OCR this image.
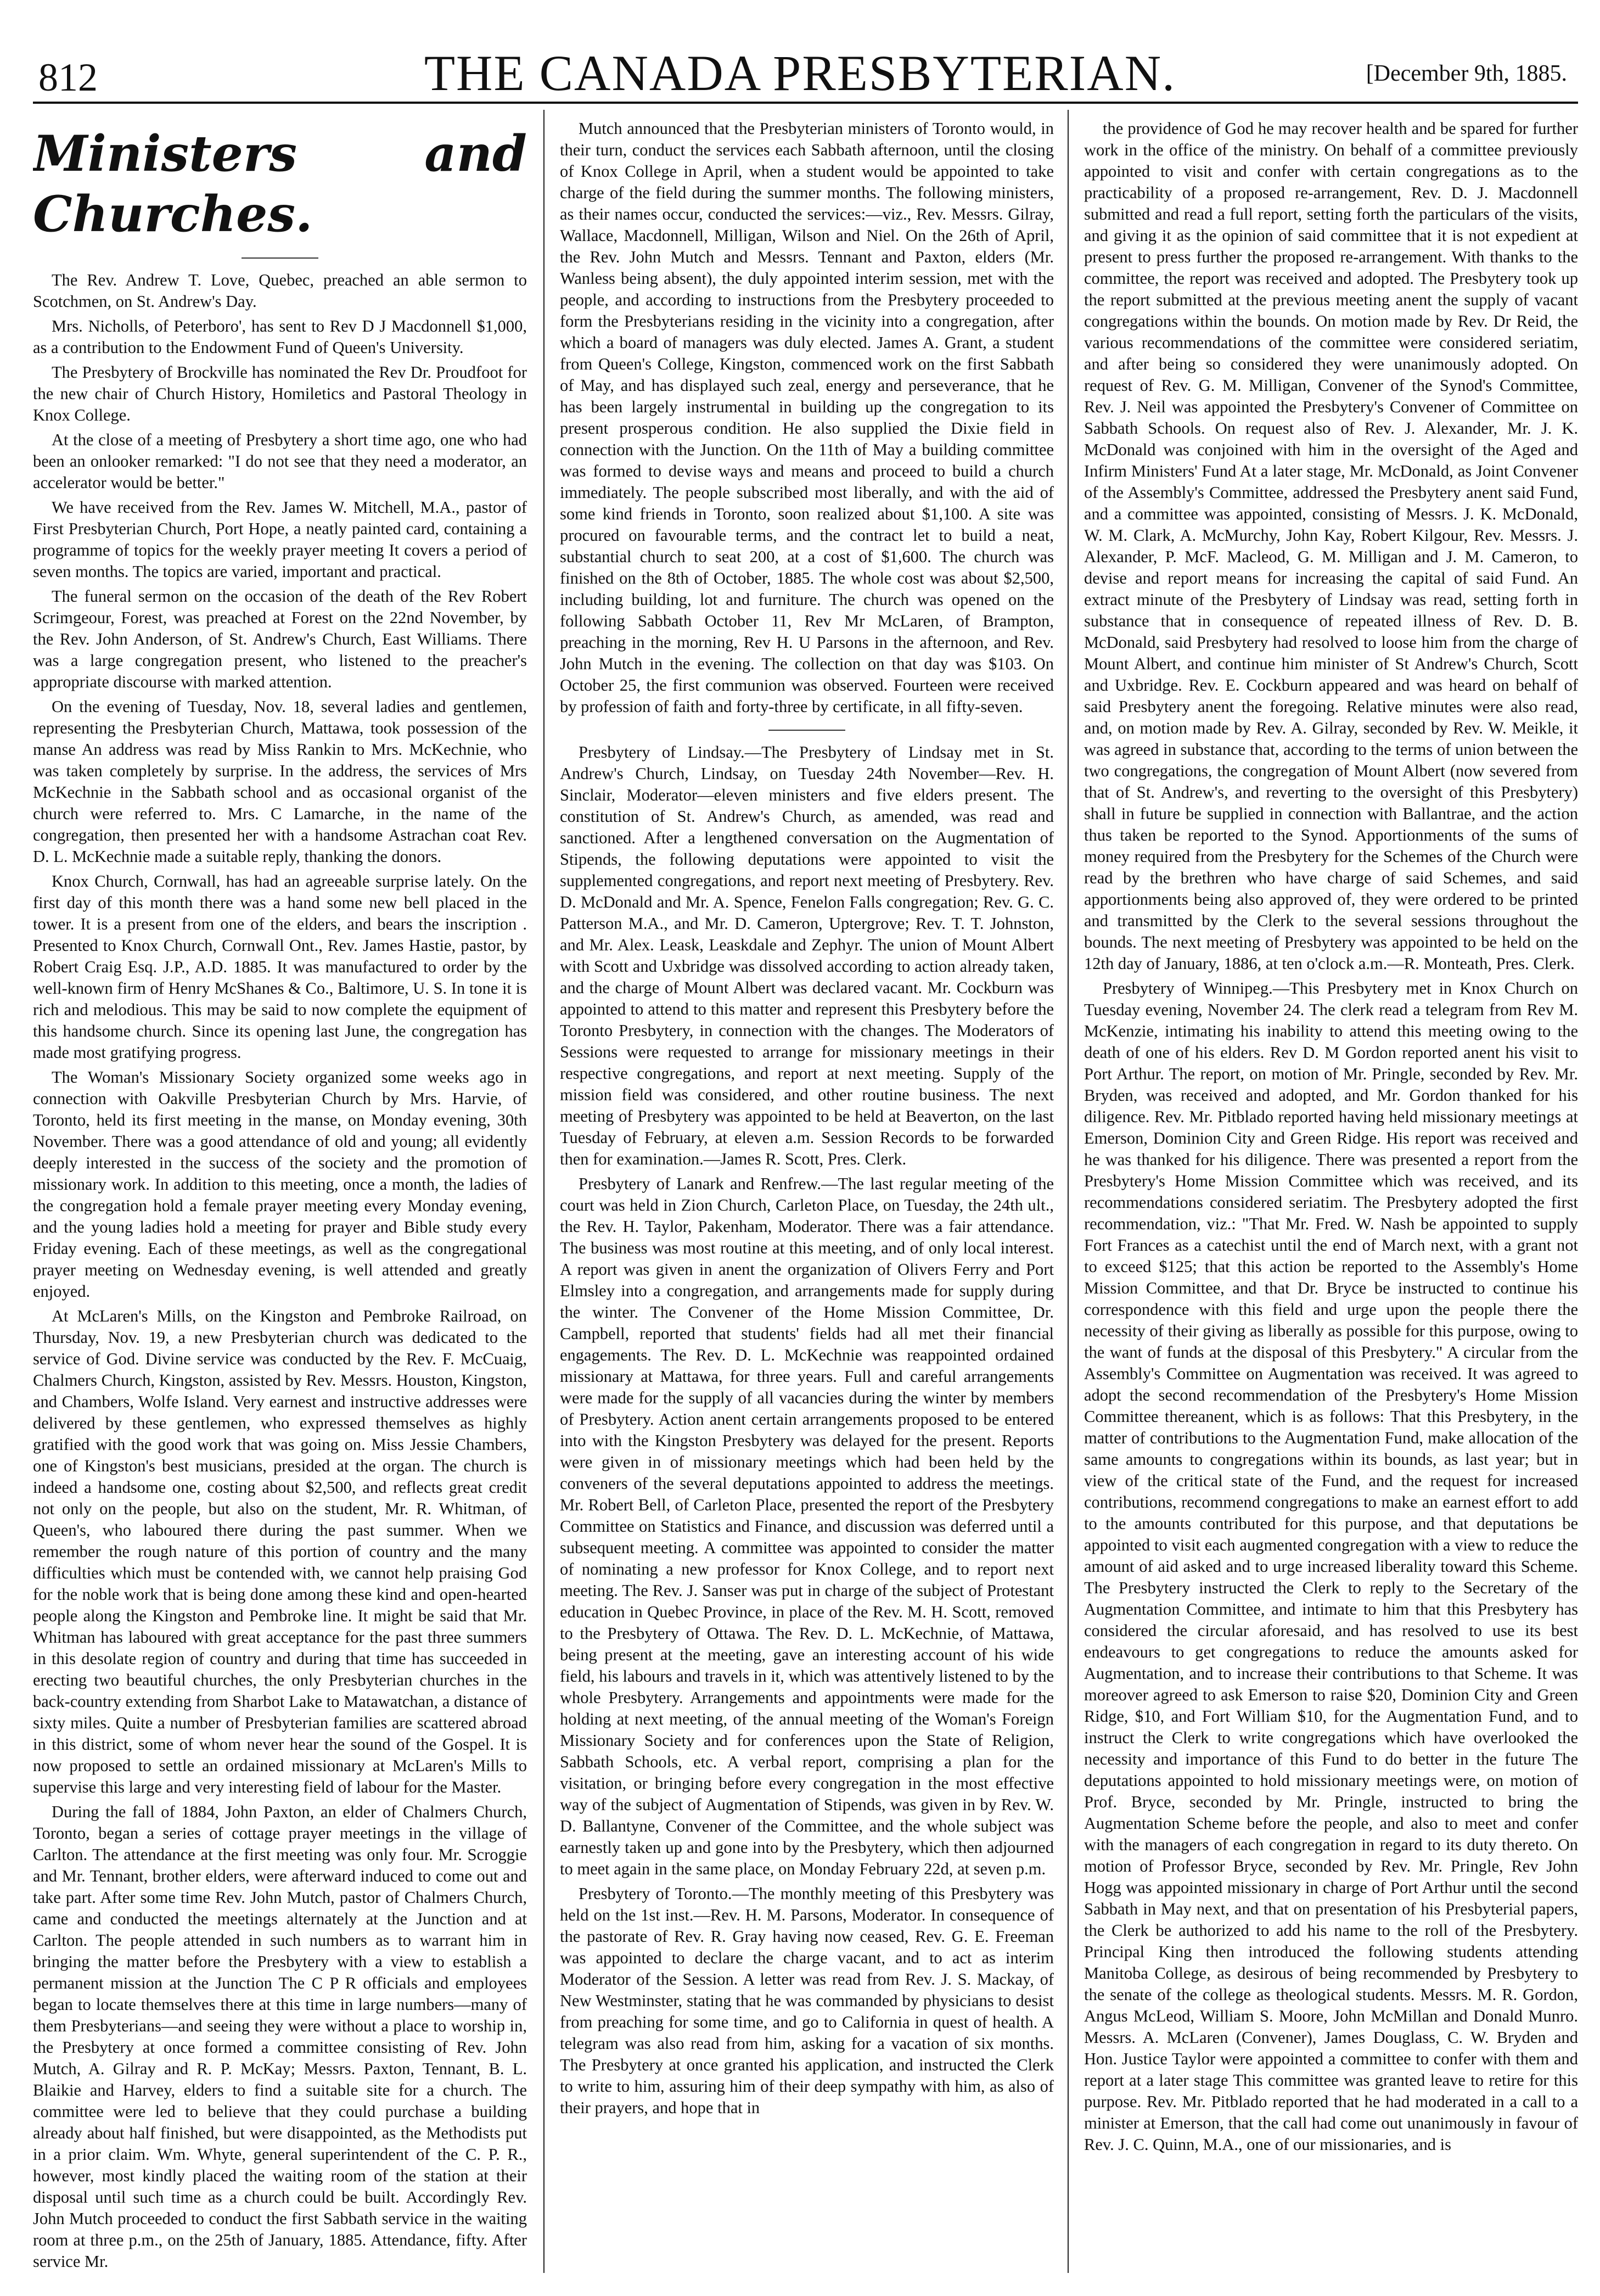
812	THE CANADA PRESBYTERIAN.	[December 9th, 1885.
Ministers and Churches.

The Rev. Andrew T. Love, Quebec, preached an able sermon to Scotchmen, on St. Andrew's Day.

Mrs. Nicholls, of Peterboro', has sent to Rev D J Macdonnell $1,000, as a contribution to the Endowment Fund of Queen's University.

The Presbytery of Brockville has nominated the Rev Dr. Proudfoot for the new chair of Church History, Homiletics and Pastoral Theology in Knox College.

At the close of a meeting of Presbytery a short time ago, one who had been an onlooker remarked: "I do not see that they need a moderator, an accelerator would be better."

We have received from the Rev. James W. Mitchell, M.A., pastor of First Presbyterian Church, Port Hope, a neatly painted card, containing a programme of topics for the weekly prayer meeting It covers a period of seven months. The topics are varied, important and practical.

The funeral sermon on the occasion of the death of the Rev Robert Scrimgeour, Forest, was preached at Forest on the 22nd November, by the Rev. John Anderson, of St. Andrew's Church, East Williams. There was a large congregation present, who listened to the preacher's appropriate discourse with marked attention.

On the evening of Tuesday, Nov. 18, several ladies and gentlemen, representing the Presbyterian Church, Mattawa, took possession of the manse An address was read by Miss Rankin to Mrs. McKechnie, who was taken completely by surprise. In the address, the services of Mrs McKechnie in the Sabbath school and as occasional organist of the church were referred to. Mrs. C Lamarche, in the name of the congregation, then presented her with a handsome Astrachan coat Rev. D. L. McKechnie made a suitable reply, thanking the donors.

Knox Church, Cornwall, has had an agreeable surprise lately. On the first day of this month there was a hand some new bell placed in the tower. It is a present from one of the elders, and bears the inscription . Presented to Knox Church, Cornwall Ont., Rev. James Hastie, pastor, by Robert Craig Esq. J.P., A.D. 1885. It was manufactured to order by the well-known firm of Henry McShanes & Co., Baltimore, U. S. In tone it is rich and melodious. This may be said to now complete the equipment of this handsome church. Since its opening last June, the congregation has made most gratifying progress.

The Woman's Missionary Society organized some weeks ago in connection with Oakville Presbyterian Church by Mrs. Harvie, of Toronto, held its first meeting in the manse, on Monday evening, 30th November. There was a good attendance of old and young; all evidently deeply interested in the success of the society and the promotion of missionary work. In addition to this meeting, once a month, the ladies of the congregation hold a female prayer meeting every Monday evening, and the young ladies hold a meeting for prayer and Bible study every Friday evening. Each of these meetings, as well as the congregational prayer meeting on Wednesday evening, is well attended and greatly enjoyed.

At McLaren's Mills, on the Kingston and Pembroke Railroad, on Thursday, Nov. 19, a new Presbyterian church was dedicated to the service of God. Divine service was conducted by the Rev. F. McCuaig, Chalmers Church, Kingston, assisted by Rev. Messrs. Houston, Kingston, and Chambers, Wolfe Island. Very earnest and instructive addresses were delivered by these gentlemen, who expressed themselves as highly gratified with the good work that was going on. Miss Jessie Chambers, one of Kingston's best musicians, presided at the organ. The church is indeed a handsome one, costing about $2,500, and reflects great credit not only on the people, but also on the student, Mr. R. Whitman, of Queen's, who laboured there during the past summer. When we remember the rough nature of this portion of country and the many difficulties which must be contended with, we cannot help praising God for the noble work that is being done among these kind and open-hearted people along the Kingston and Pembroke line. It might be said that Mr. Whitman has laboured with great acceptance for the past three summers in this desolate region of country and during that time has succeeded in erecting two beautiful churches, the only Presbyterian churches in the back-country extending from Sharbot Lake to Matawatchan, a distance of sixty miles. Quite a number of Presbyterian families are scattered abroad in this district, some of whom never hear the sound of the Gospel. It is now proposed to settle an ordained missionary at McLaren's Mills to supervise this large and very interesting field of labour for the Master.

During the fall of 1884, John Paxton, an elder of Chalmers Church, Toronto, began a series of cottage prayer meetings in the village of Carlton. The attendance at the first meeting was only four. Mr. Scroggie and Mr. Tennant, brother elders, were afterward induced to come out and take part. After some time Rev. John Mutch, pastor of Chalmers Church, came and conducted the meetings alternately at the Junction and at Carlton. The people attended in such numbers as to warrant him in bringing the matter before the Presbytery with a view to establish a permanent mission at the Junction The C P R officials and employees began to locate themselves there at this time in large numbers—many of them Presbyterians—and seeing they were without a place to worship in, the Presbytery at once formed a committee consisting of Rev. John Mutch, A. Gilray and R. P. McKay; Messrs. Paxton, Tennant, B. L. Blaikie and Harvey, elders to find a suitable site for a church. The committee were led to believe that they could purchase a building already about half finished, but were disappointed, as the Methodists put in a prior claim. Wm. Whyte, general superintendent of the C. P. R., however, most kindly placed the waiting room of the station at their disposal until such time as a church could be built. Accordingly Rev. John Mutch proceeded to conduct the first Sabbath service in the waiting room at three p.m., on the 25th of January, 1885. Attendance, fifty. After service Mr.

Mutch announced that the Presbyterian ministers of Toronto would, in their turn, conduct the services each Sabbath afternoon, until the closing of Knox College in April, when a student would be appointed to take charge of the field during the summer months. The following ministers, as their names occur, conducted the services:—viz., Rev. Messrs. Gilray, Wallace, Macdonnell, Milligan, Wilson and Niel. On the 26th of April, the Rev. John Mutch and Messrs. Tennant and Paxton, elders (Mr. Wanless being absent), the duly appointed interim session, met with the people, and according to instructions from the Presbytery proceeded to form the Presbyterians residing in the vicinity into a congregation, after which a board of managers was duly elected. James A. Grant, a student from Queen's College, Kingston, commenced work on the first Sabbath of May, and has displayed such zeal, energy and perseverance, that he has been largely instrumental in building up the congregation to its present prosperous condition. He also supplied the Dixie field in connection with the Junction. On the 11th of May a building committee was formed to devise ways and means and proceed to build a church immediately. The people subscribed most liberally, and with the aid of some kind friends in Toronto, soon realized about $1,100. A site was procured on favourable terms, and the contract let to build a neat, substantial church to seat 200, at a cost of $1,600. The church was finished on the 8th of October, 1885. The whole cost was about $2,500, including building, lot and furniture. The church was opened on the following Sabbath October 11, Rev Mr McLaren, of Brampton, preaching in the morning, Rev H. U Parsons in the afternoon, and Rev. John Mutch in the evening. The collection on that day was $103. On October 25, the first communion was observed. Fourteen were received by profession of faith and forty-three by certificate, in all fifty-seven.

Presbytery of Lindsay.—The Presbytery of Lindsay met in St. Andrew's Church, Lindsay, on Tuesday 24th November—Rev. H. Sinclair, Moderator—eleven ministers and five elders present. The constitution of St. Andrew's Church, as amended, was read and sanctioned. After a lengthened conversation on the Augmentation of Stipends, the following deputations were appointed to visit the supplemented congregations, and report next meeting of Presbytery. Rev. D. McDonald and Mr. A. Spence, Fenelon Falls congregation; Rev. G. C. Patterson M.A., and Mr. D. Cameron, Uptergrove; Rev. T. T. Johnston, and Mr. Alex. Leask, Leaskdale and Zephyr. The union of Mount Albert with Scott and Uxbridge was dissolved according to action already taken, and the charge of Mount Albert was declared vacant. Mr. Cockburn was appointed to attend to this matter and represent this Presbytery before the Toronto Presbytery, in connection with the changes. The Moderators of Sessions were requested to arrange for missionary meetings in their respective congregations, and report at next meeting. Supply of the mission field was considered, and other routine business. The next meeting of Presbytery was appointed to be held at Beaverton, on the last Tuesday of February, at eleven a.m. Session Records to be forwarded then for examination.—James R. Scott, Pres. Clerk.

Presbytery of Lanark and Renfrew.—The last regular meeting of the court was held in Zion Church, Carleton Place, on Tuesday, the 24th ult., the Rev. H. Taylor, Pakenham, Moderator. There was a fair attendance. The business was most routine at this meeting, and of only local interest. A report was given in anent the organization of Olivers Ferry and Port Elmsley into a congregation, and arrangements made for supply during the winter. The Convener of the Home Mission Committee, Dr. Campbell, reported that students' fields had all met their financial engagements. The Rev. D. L. McKechnie was reappointed ordained missionary at Mattawa, for three years. Full and careful arrangements were made for the supply of all vacancies during the winter by members of Presbytery. Action anent certain arrangements proposed to be entered into with the Kingston Presbytery was delayed for the present. Reports were given in of missionary meetings which had been held by the conveners of the several deputations appointed to address the meetings. Mr. Robert Bell, of Carleton Place, presented the report of the Presbytery Committee on Statistics and Finance, and discussion was deferred until a subsequent meeting. A committee was appointed to consider the matter of nominating a new professor for Knox College, and to report next meeting. The Rev. J. Sanser was put in charge of the subject of Protestant education in Quebec Province, in place of the Rev. M. H. Scott, removed to the Presbytery of Ottawa. The Rev. D. L. McKechnie, of Mattawa, being present at the meeting, gave an interesting account of his wide field, his labours and travels in it, which was attentively listened to by the whole Presbytery. Arrangements and appointments were made for the holding at next meeting, of the annual meeting of the Woman's Foreign Missionary Society and for conferences upon the State of Religion, Sabbath Schools, etc. A verbal report, comprising a plan for the visitation, or bringing before every congregation in the most effective way of the subject of Augmentation of Stipends, was given in by Rev. W. D. Ballantyne, Convener of the Committee, and the whole subject was earnestly taken up and gone into by the Presbytery, which then adjourned to meet again in the same place, on Monday February 22d, at seven p.m.

Presbytery of Toronto.—The monthly meeting of this Presbytery was held on the 1st inst.—Rev. H. M. Parsons, Moderator. In consequence of the pastorate of Rev. R. Gray having now ceased, Rev. G. E. Freeman was appointed to declare the charge vacant, and to act as interim Moderator of the Session. A letter was read from Rev. J. S. Mackay, of New Westminster, stating that he was commanded by physicians to desist from preaching for some time, and go to California in quest of health. A telegram was also read from him, asking for a vacation of six months. The Presbytery at once granted his application, and instructed the Clerk to write to him, assuring him of their deep sympathy with him, as also of their prayers, and hope that in

the providence of God he may recover health and be spared for further work in the office of the ministry. On behalf of a committee previously appointed to visit and confer with certain congregations as to the practicability of a proposed re-arrangement, Rev. D. J. Macdonnell submitted and read a full report, setting forth the particulars of the visits, and giving it as the opinion of said committee that it is not expedient at present to press further the proposed re-arrangement. With thanks to the committee, the report was received and adopted. The Presbytery took up the report submitted at the previous meeting anent the supply of vacant congregations within the bounds. On motion made by Rev. Dr Reid, the various recommendations of the committee were considered seriatim, and after being so considered they were unanimously adopted. On request of Rev. G. M. Milligan, Convener of the Synod's Committee, Rev. J. Neil was appointed the Presbytery's Convener of Committee on Sabbath Schools. On request also of Rev. J. Alexander, Mr. J. K. McDonald was conjoined with him in the oversight of the Aged and Infirm Ministers' Fund At a later stage, Mr. McDonald, as Joint Convener of the Assembly's Committee, addressed the Presbytery anent said Fund, and a committee was appointed, consisting of Messrs. J. K. McDonald, W. M. Clark, A. McMurchy, John Kay, Robert Kilgour, Rev. Messrs. J. Alexander, P. McF. Macleod, G. M. Milligan and J. M. Cameron, to devise and report means for increasing the capital of said Fund. An extract minute of the Presbytery of Lindsay was read, setting forth in substance that in consequence of repeated illness of Rev. D. B. McDonald, said Presbytery had resolved to loose him from the charge of Mount Albert, and continue him minister of St Andrew's Church, Scott and Uxbridge. Rev. E. Cockburn appeared and was heard on behalf of said Presbytery anent the foregoing. Relative minutes were also read, and, on motion made by Rev. A. Gilray, seconded by Rev. W. Meikle, it was agreed in substance that, according to the terms of union between the two congregations, the congregation of Mount Albert (now severed from that of St. Andrew's, and reverting to the oversight of this Presbytery) shall in future be supplied in connection with Ballantrae, and the action thus taken be reported to the Synod. Apportionments of the sums of money required from the Presbytery for the Schemes of the Church were read by the brethren who have charge of said Schemes, and said apportionments being also approved of, they were ordered to be printed and transmitted by the Clerk to the several sessions throughout the bounds. The next meeting of Presbytery was appointed to be held on the 12th day of January, 1886, at ten o'clock a.m.—R. Monteath, Pres. Clerk.

Presbytery of Winnipeg.—This Presbytery met in Knox Church on Tuesday evening, November 24. The clerk read a telegram from Rev M. McKenzie, intimating his inability to attend this meeting owing to the death of one of his elders. Rev D. M Gordon reported anent his visit to Port Arthur. The report, on motion of Mr. Pringle, seconded by Rev. Mr. Bryden, was received and adopted, and Mr. Gordon thanked for his diligence. Rev. Mr. Pitblado reported having held missionary meetings at Emerson, Dominion City and Green Ridge. His report was received and he was thanked for his diligence. There was presented a report from the Presbytery's Home Mission Committee which was received, and its recommendations considered seriatim. The Presbytery adopted the first recommendation, viz.: "That Mr. Fred. W. Nash be appointed to supply Fort Frances as a catechist until the end of March next, with a grant not to exceed $125; that this action be reported to the Assembly's Home Mission Committee, and that Dr. Bryce be instructed to continue his correspondence with this field and urge upon the people there the necessity of their giving as liberally as possible for this purpose, owing to the want of funds at the disposal of this Presbytery." A circular from the Assembly's Committee on Augmentation was received. It was agreed to adopt the second recommendation of the Presbytery's Home Mission Committee thereanent, which is as follows: That this Presbytery, in the matter of contributions to the Augmentation Fund, make allocation of the same amounts to congregations within its bounds, as last year; but in view of the critical state of the Fund, and the request for increased contributions, recommend congregations to make an earnest effort to add to the amounts contributed for this purpose, and that deputations be appointed to visit each augmented congregation with a view to reduce the amount of aid asked and to urge increased liberality toward this Scheme. The Presbytery instructed the Clerk to reply to the Secretary of the Augmentation Committee, and intimate to him that this Presbytery has considered the circular aforesaid, and has resolved to use its best endeavours to get congregations to reduce the amounts asked for Augmentation, and to increase their contributions to that Scheme. It was moreover agreed to ask Emerson to raise $20, Dominion City and Green Ridge, $10, and Fort William $10, for the Augmentation Fund, and to instruct the Clerk to write congregations which have overlooked the necessity and importance of this Fund to do better in the future The deputations appointed to hold missionary meetings were, on motion of Prof. Bryce, seconded by Mr. Pringle, instructed to bring the Augmentation Scheme before the people, and also to meet and confer with the managers of each congregation in regard to its duty thereto. On motion of Professor Bryce, seconded by Rev. Mr. Pringle, Rev John Hogg was appointed missionary in charge of Port Arthur until the second Sabbath in May next, and that on presentation of his Presbyterial papers, the Clerk be authorized to add his name to the roll of the Presbytery. Principal King then introduced the following students attending Manitoba College, as desirous of being recommended by Presbytery to the senate of the college as theological students. Messrs. M. R. Gordon, Angus McLeod, William S. Moore, John McMillan and Donald Munro. Messrs. A. McLaren (Convener), James Douglass, C. W. Bryden and Hon. Justice Taylor were appointed a committee to confer with them and report at a later stage This committee was granted leave to retire for this purpose. Rev. Mr. Pitblado reported that he had moderated in a call to a minister at Emerson, that the call had come out unanimously in favour of Rev. J. C. Quinn, M.A., one of our missionaries, and is
